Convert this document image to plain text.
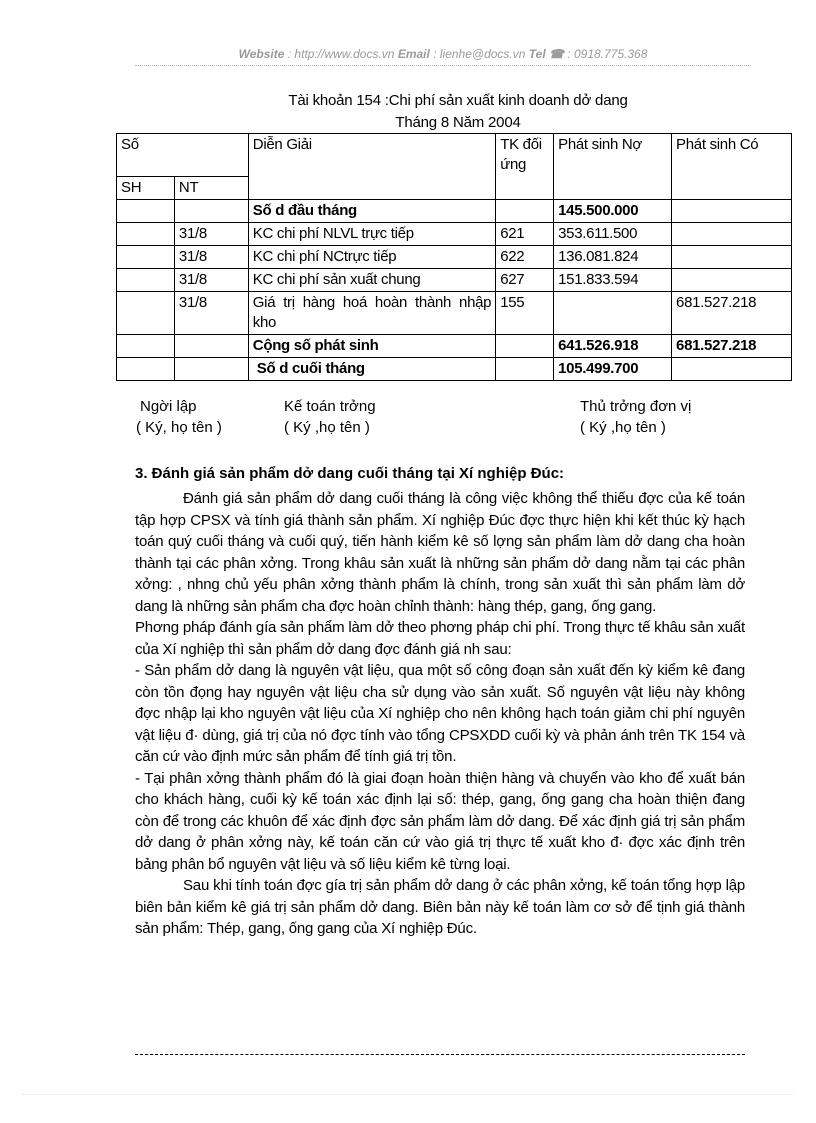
Website : http://www.docs.vn Email : lienhe@docs.vn Tel ☎ : 0918.775.368
Tài khoản 154 :Chi phí sản xuất kinh doanh dở dang
Tháng 8 Năm 2004
Số		Diễn Giải	TK đối ứng	Phát sinh Nợ	Phát sinh Có
SH	NT				
		Số d đầu tháng		145.500.000	
	31/8	KC chi phí NLVL trực tiếp	621	353.611.500	
	31/8	KC chi phí NCtrực tiếp	622	136.081.824	
	31/8	KC chi phí sản xuất chung	627	151.833.594	
	31/8	Giá trị hàng hoá hoàn thành nhập kho	155		681.527.218
		Cộng số phát sinh		641.526.918	681.527.218
		Số d cuối tháng		105.499.700	
Ngời lập
( Ký, họ tên )
Kế toán trởng
( Ký ,họ tên )
Thủ trởng đơn vị
( Ký ,họ tên )
3. Đánh giá sản phẩm dở dang cuối tháng tại Xí nghiệp Đúc:

Đánh giá sản phẩm dở dang cuối tháng là công việc không thể thiếu đợc của kế toán tập hợp CPSX và tính giá thành sản phẩm. Xí nghiệp Đúc đợc thực hiện khi kết thúc kỳ hạch toán quý cuối tháng và cuối quý, tiến hành kiểm kê số lợng sản phẩm làm dở dang cha hoàn thành tại các phân xởng. Trong khâu sản xuất là những sản phẩm dở dang nằm tại các phân xởng: , nhng chủ yếu phân xởng thành phẩm là chính, trong sản xuất thì sản phẩm làm dở dang là những sản phẩm cha đợc hoàn chỉnh thành: hàng thép, gang, ống gang.

Phơng pháp đánh gía sản phẩm làm dở theo phơng pháp chi phí. Trong thực tế khâu sản xuất của Xí nghiệp thì sản phẩm dở dang đợc đánh giá nh sau:

- Sản phẩm dở dang là nguyên vật liệu, qua một số công đoạn sản xuất đến kỳ kiểm kê đang còn tồn đọng hay nguyên vật liệu cha sử dụng vào sản xuất. Số nguyên vật liệu này không đợc nhập lại kho nguyên vật liệu của Xí nghiệp cho nên không hạch toán giảm chi phí nguyên vật liệu đ· dùng, giá trị của nó đợc tính vào tổng CPSXDD cuối kỳ và phản ánh trên TK 154 và căn cứ vào định mức sản phẩm để tính giá trị tồn.

- Tại phân xởng thành phẩm đó là giai đoạn hoàn thiện hàng và chuyển vào kho để xuất bán cho khách hàng, cuối kỳ kế toán xác định lại số: thép, gang, ống gang cha hoàn thiện đang còn để trong các khuôn để xác định đợc sản phẩm làm dở dang. Để xác định giá trị sản phẩm dở dang ở phân xởng này, kế toán căn cứ vào giá trị thực tế xuất kho đ· đợc xác định trên bảng phân bổ nguyên vật liệu và số liệu kiểm kê từng loại.

Sau khi tính toán đợc gía trị sản phẩm dở dang ở các phân xởng, kế toán tổng hợp lập biên bản kiểm kê giá trị sản phẩm dở dang. Biên bản này kế toán làm cơ sở để tịnh giá thành sản phẩm: Thép, gang, ống gang của Xí nghiệp Đúc.
